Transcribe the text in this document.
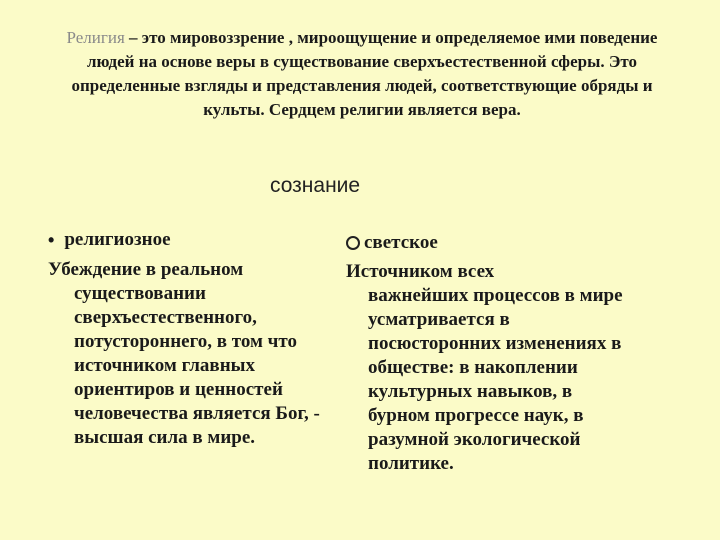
Религия – это мировоззрение , мироощущение и определяемое ими поведение людей на основе веры в существование сверхъестественной сферы. Это определенные взгляды и представления людей, соответствующие обряды и культы. Сердцем религии является вера.
сознание
• религиозное
Убеждение в реальном
существовании сверхъестественного, потустороннего, в том что источником главных ориентиров и ценностей человечества является Бог, - высшая сила в мире.
светское
Источником всех
важнейших процессов в мире усматривается в посюсторонних изменениях в обществе: в накоплении культурных навыков, в бурном прогрессе наук, в разумной экологической политике.
